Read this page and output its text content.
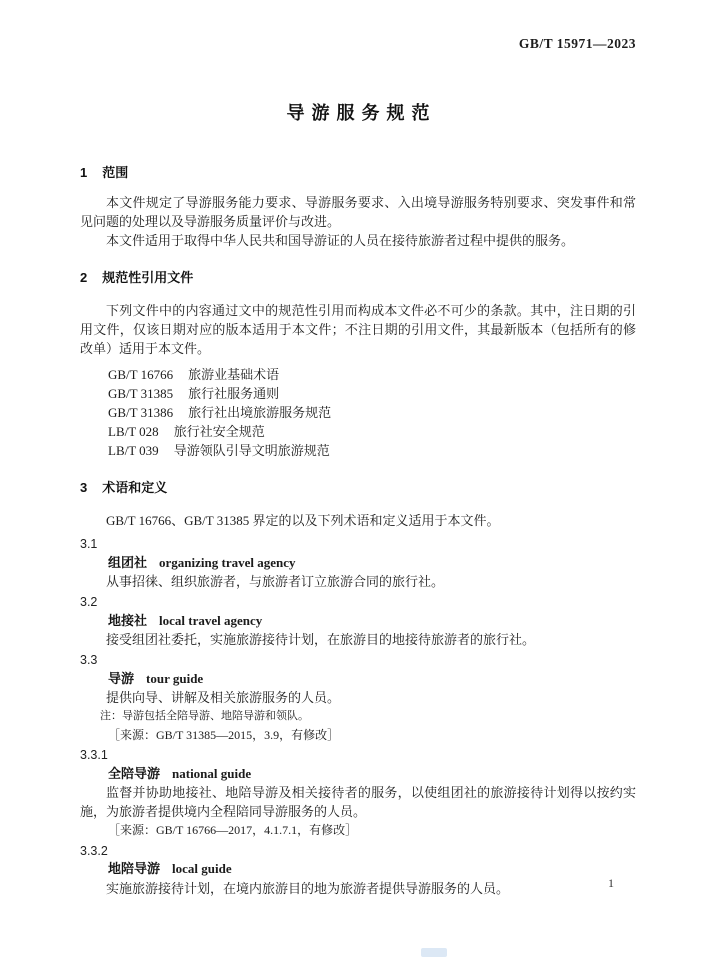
GB/T 15971—2023
导游服务规范
1 范围

本文件规定了导游服务能力要求、导游服务要求、入出境导游服务特别要求、突发事件和常见问题的处理以及导游服务质量评价与改进。

本文件适用于取得中华人民共和国导游证的人员在接待旅游者过程中提供的服务。

2 规范性引用文件

下列文件中的内容通过文中的规范性引用而构成本文件必不可少的条款。其中，注日期的引用文件，仅该日期对应的版本适用于本文件；不注日期的引用文件，其最新版本（包括所有的修改单）适用于本文件。

GB/T 16766 旅游业基础术语
GB/T 31385 旅行社服务通则
GB/T 31386 旅行社出境旅游服务规范
LB/T 028 旅行社安全规范
LB/T 039 导游领队引导文明旅游规范
3 术语和定义

GB/T 16766、GB/T 31385 界定的以及下列术语和定义适用于本文件。

3.1
组团社 organizing travel agency

从事招徕、组织旅游者，与旅游者订立旅游合同的旅行社。

3.2
地接社 local travel agency

接受组团社委托，实施旅游接待计划，在旅游目的地接待旅游者的旅行社。

3.3
导游 tour guide

提供向导、讲解及相关旅游服务的人员。

注：导游包括全陪导游、地陪导游和领队。
［来源：GB/T 31385—2015，3.9，有修改］
3.3.1
全陪导游 national guide

监督并协助地接社、地陪导游及相关接待者的服务，以使组团社的旅游接待计划得以按约实施，为旅游者提供境内全程陪同导游服务的人员。

［来源：GB/T 16766—2017，4.1.7.1，有修改］
3.3.2
地陪导游 local guide

实施旅游接待计划，在境内旅游目的地为旅游者提供导游服务的人员。	1
